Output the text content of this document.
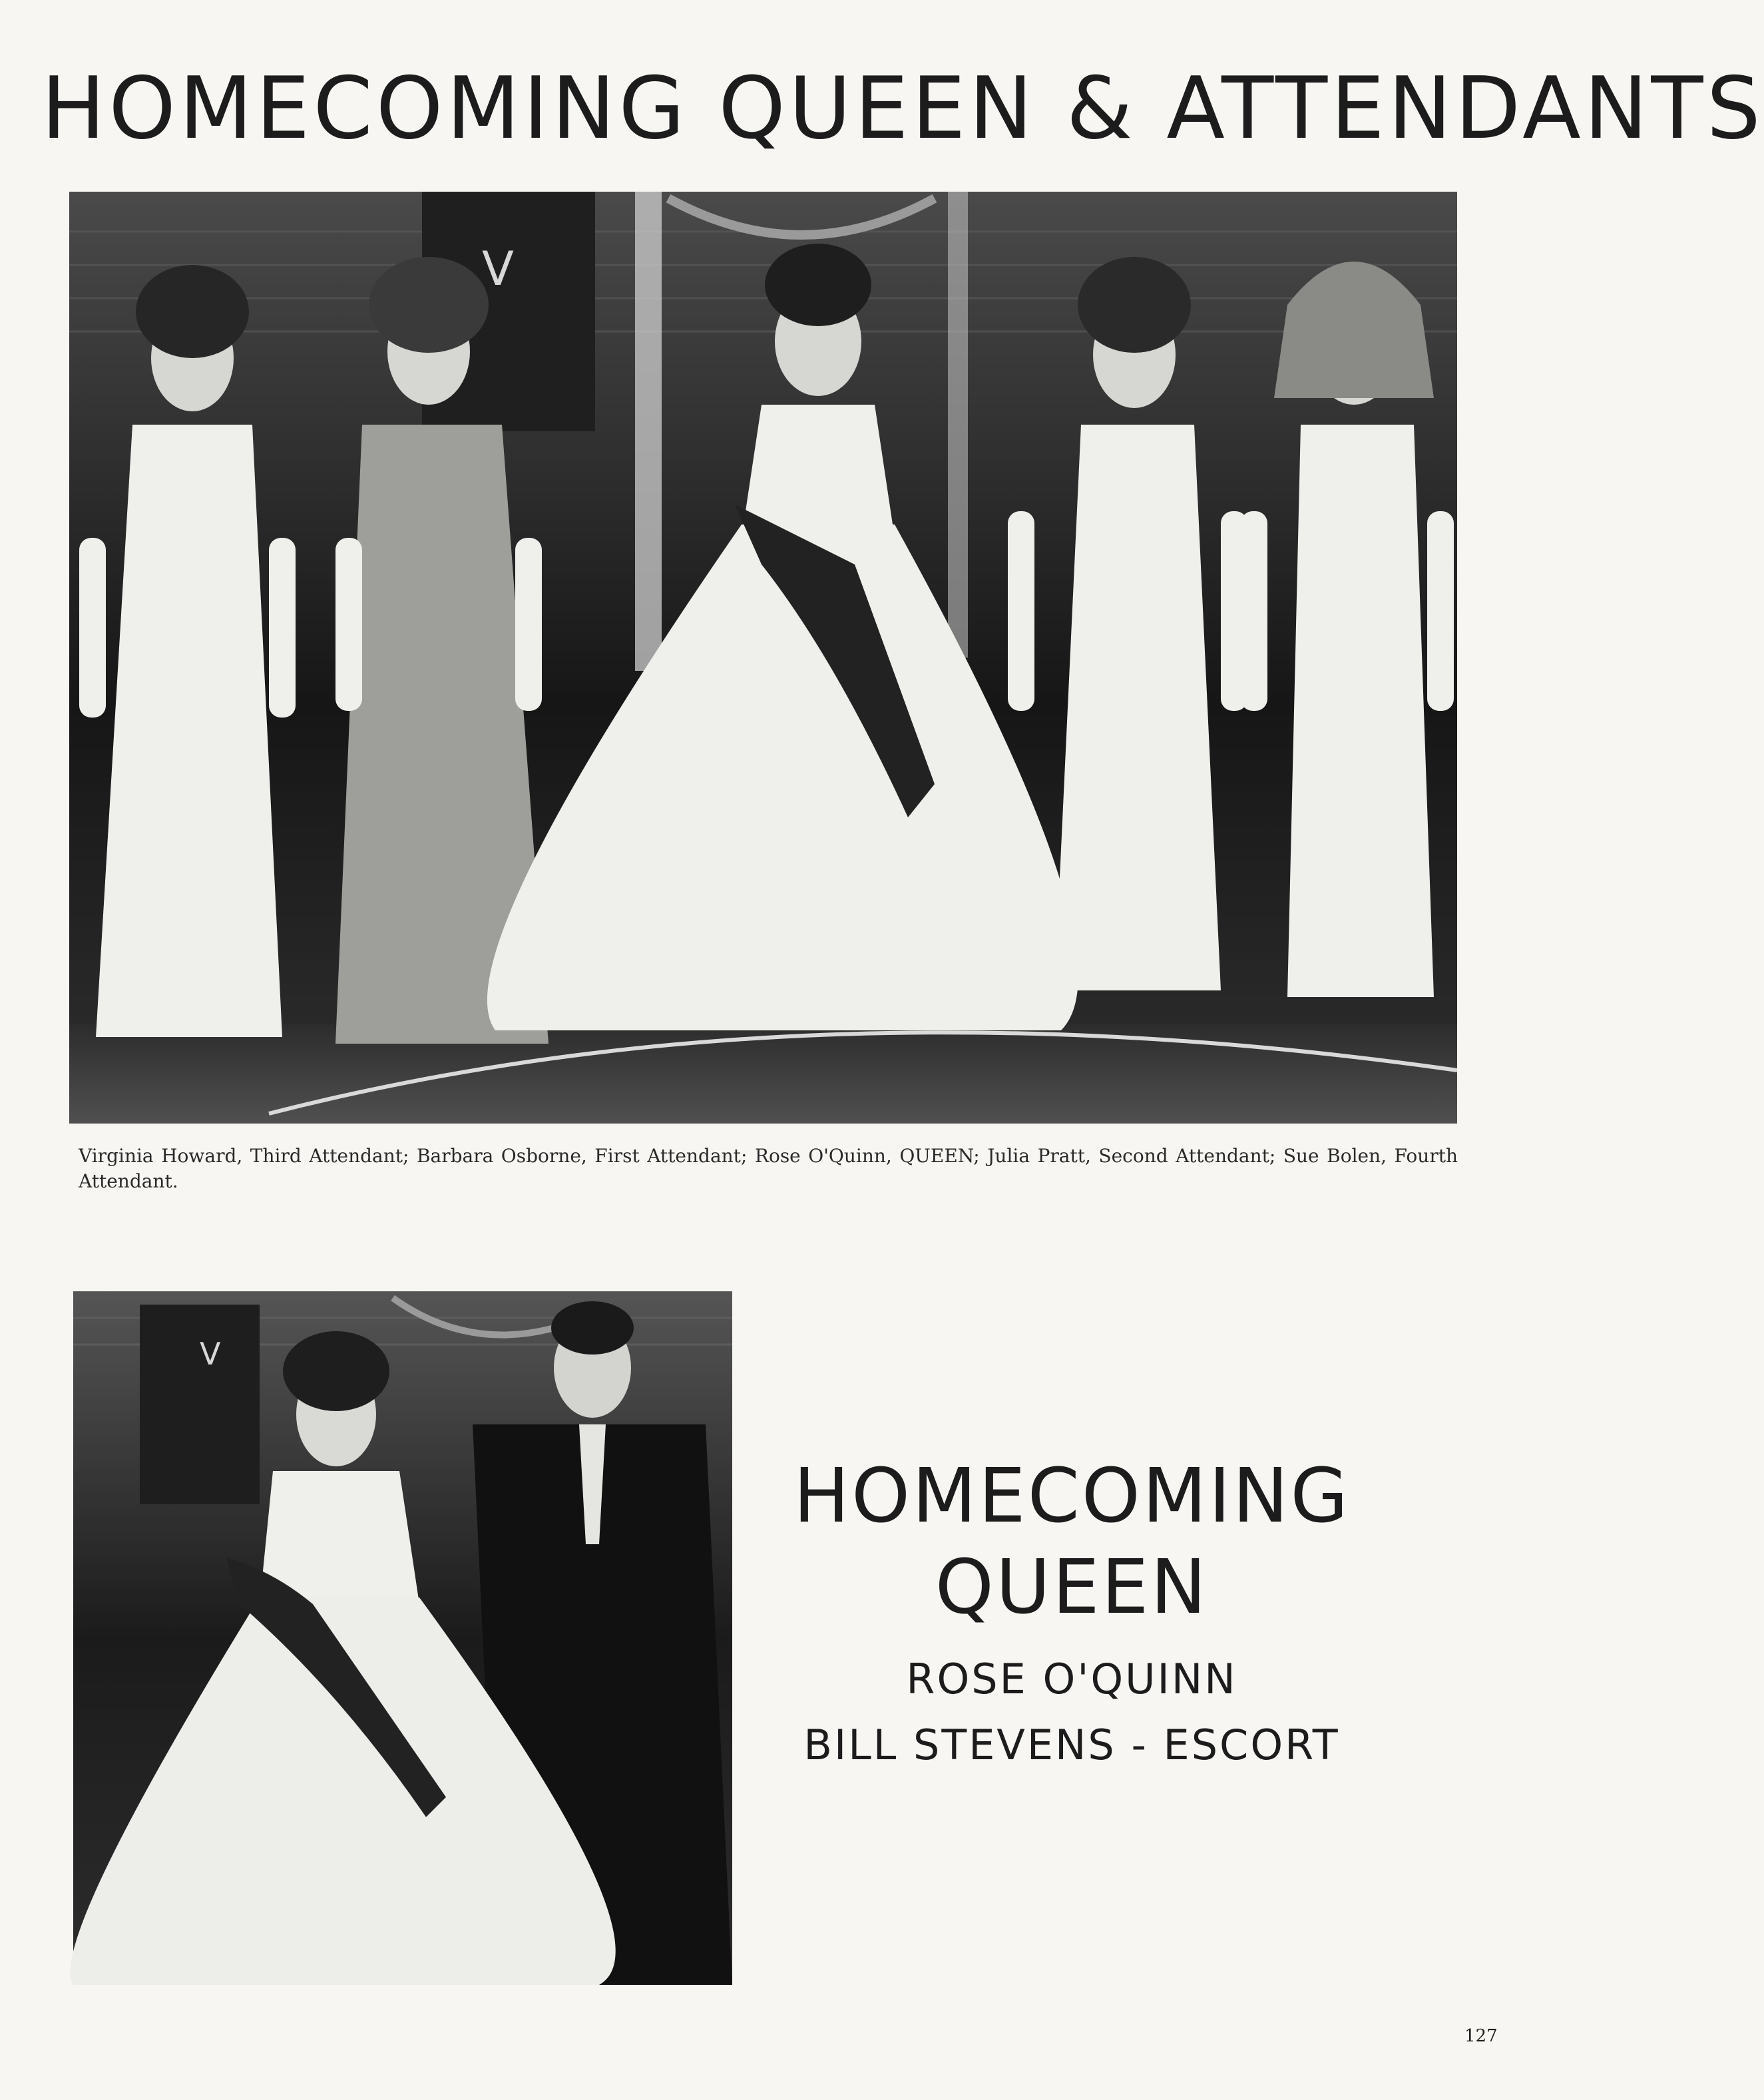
HOMECOMING QUEEN & ATTENDANTS
V
Virginia Howard, Third Attendant; Barbara Osborne, First Attendant; Rose O'Quinn, QUEEN; Julia Pratt, Second Attendant; Sue Bolen, Fourth Attendant.
V
HOMECOMING
QUEEN
ROSE O'QUINN
BILL STEVENS - ESCORT
127
